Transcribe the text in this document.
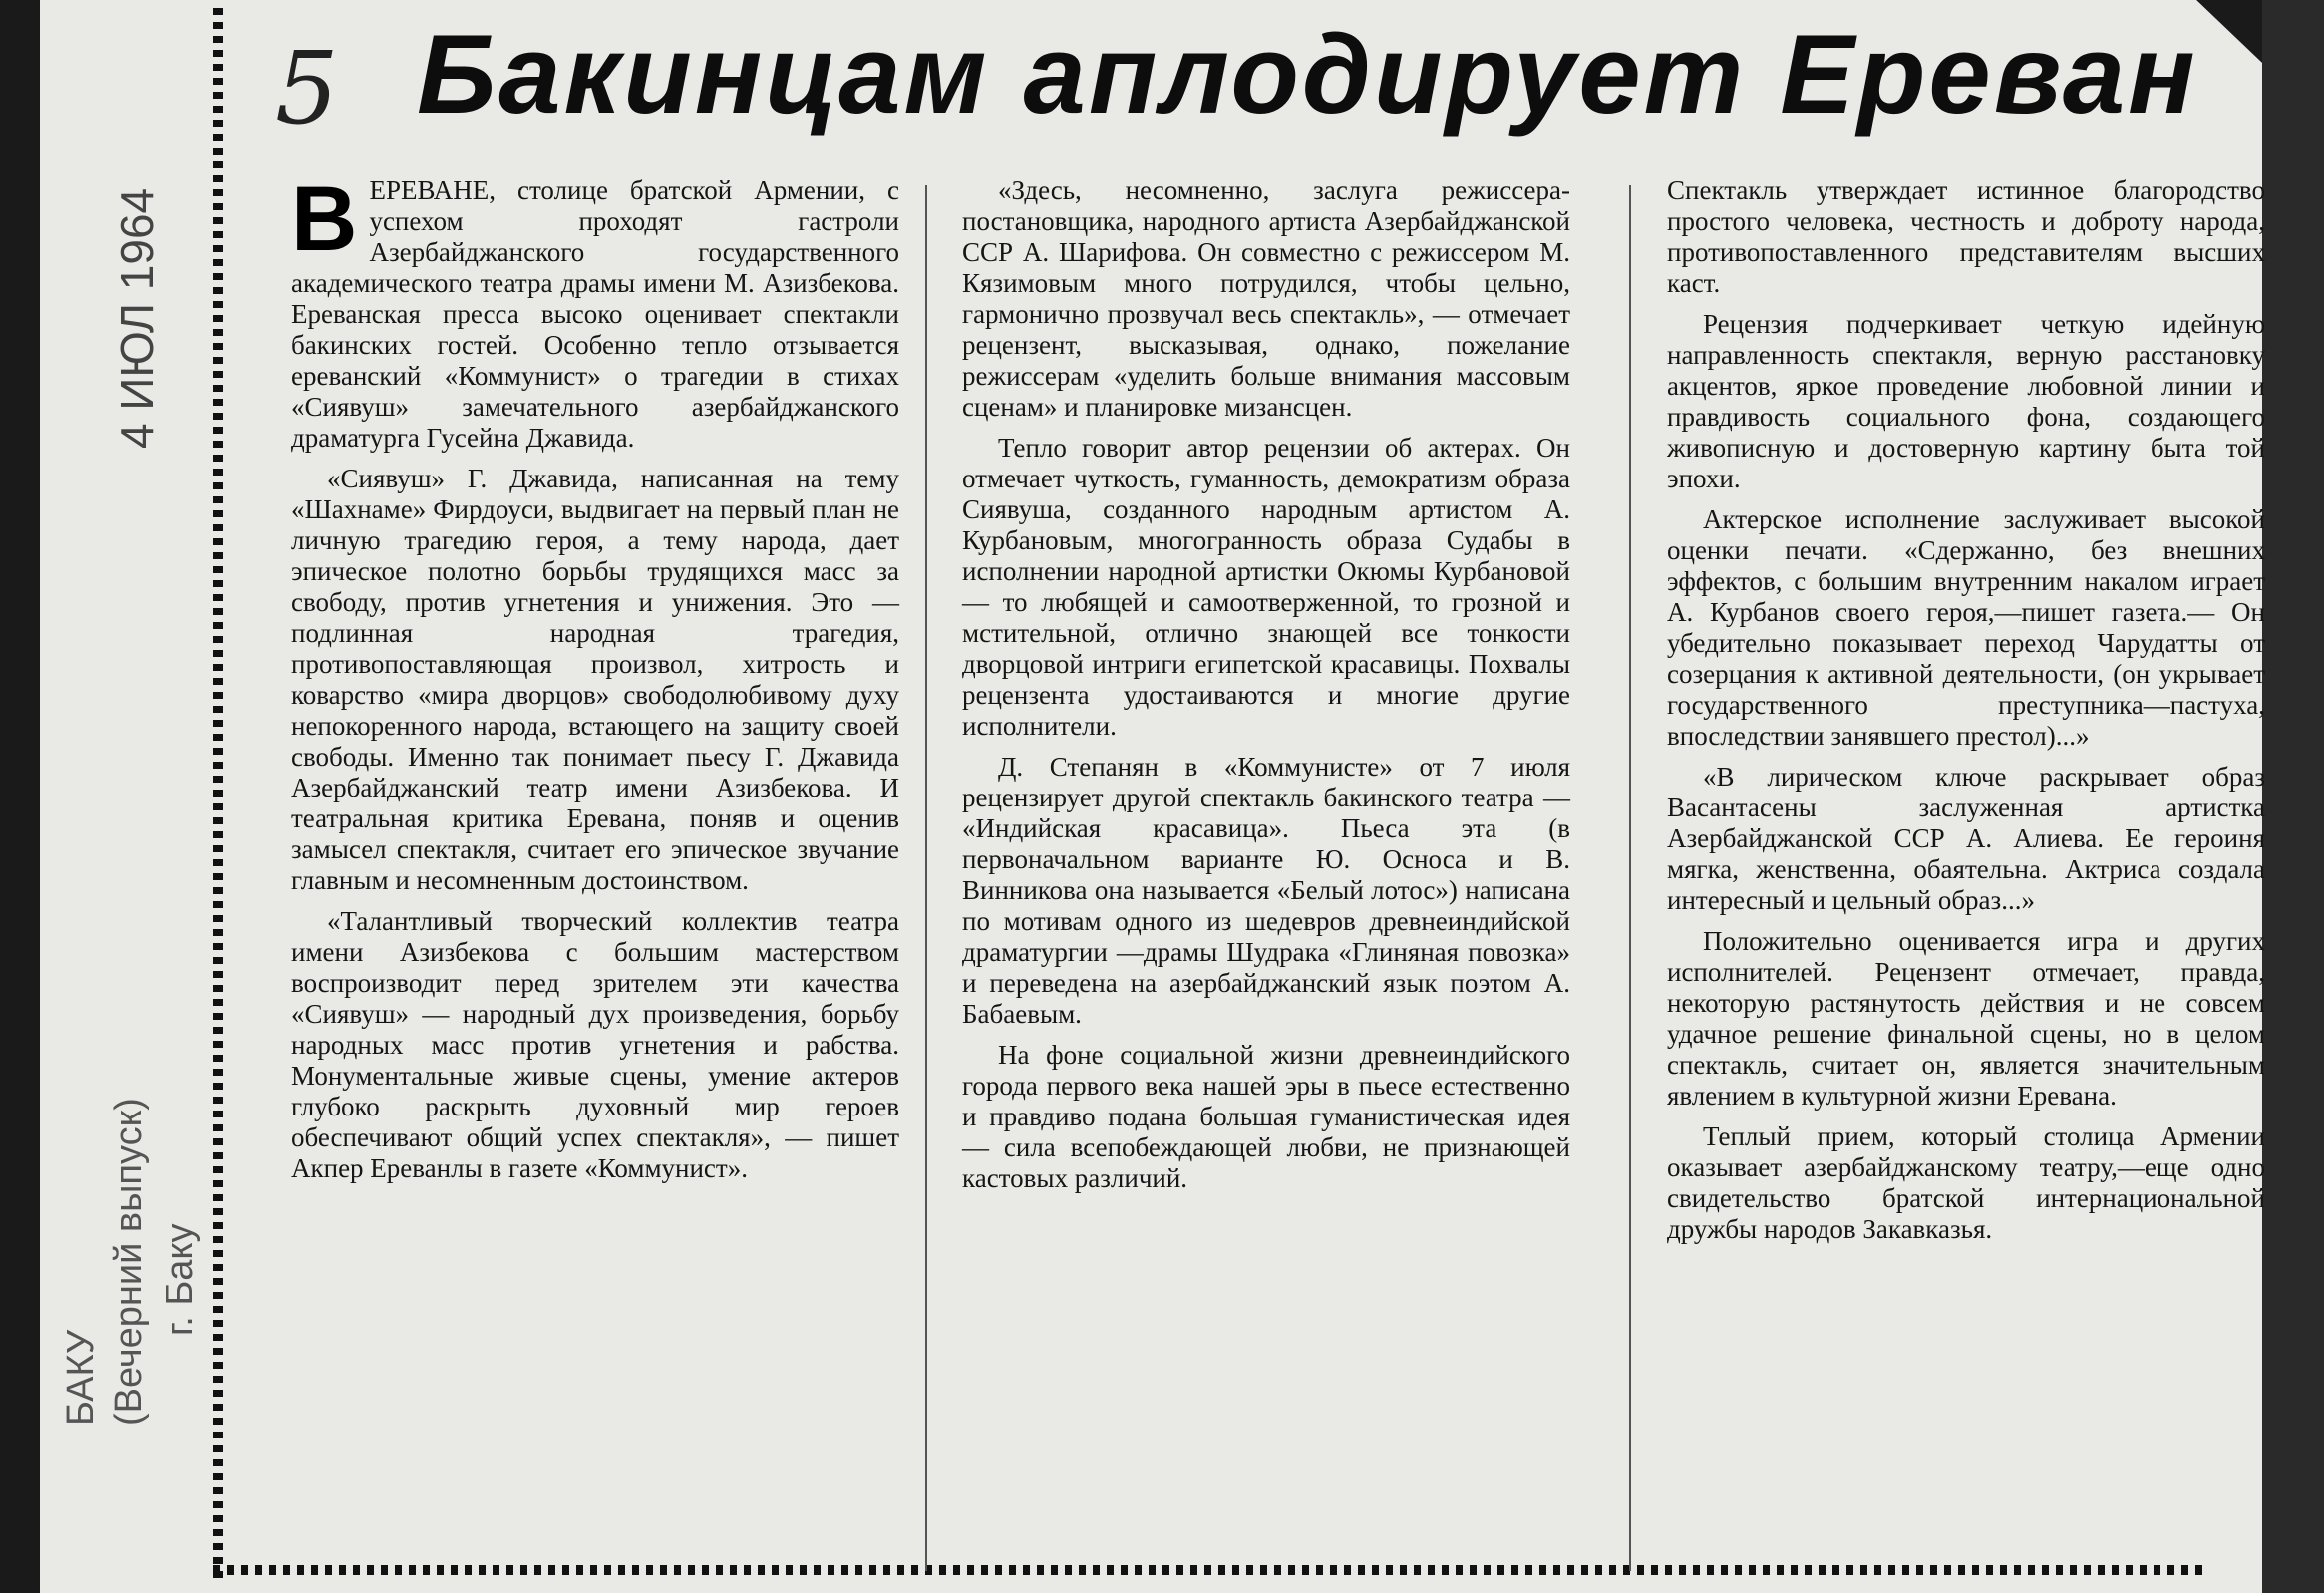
4 ИЮЛ 1964
БАКУ (Вечерний выпуск) г. Баку
5 Бакинцам аплодирует Ереван

ВЕРЕВАНЕ, столице братской Армении, с успехом проходят гастроли Азербайджанского государственного академического театра драмы имени М. Азизбекова. Ереванская пресса высоко оценивает спектакли бакинских гостей. Особенно тепло отзывается ереванский «Коммунист» о трагедии в стихах «Сиявуш» замечательного азербайджанского драматурга Гусейна Джавида.

«Сиявуш» Г. Джавида, написанная на тему «Шахнаме» Фирдоуси, выдвигает на первый план не личную трагедию героя, а тему народа, дает эпическое полотно борьбы трудящихся масс за свободу, против угнетения и унижения. Это — подлинная народная трагедия, противопоставляющая произвол, хитрость и коварство «мира дворцов» свободолюбивому духу непокоренного народа, встающего на защиту своей свободы. Именно так понимает пьесу Г. Джавида Азербайджанский театр имени Азизбекова. И театральная критика Еревана, поняв и оценив замысел спектакля, считает его эпическое звучание главным и несомненным достоинством.

«Талантливый творческий коллектив театра имени Азизбекова с большим мастерством воспроизводит перед зрителем эти качества «Сиявуш» — народный дух произведения, борьбу народных масс против угнетения и рабства. Монументальные живые сцены, умение актеров глубоко раскрыть духовный мир героев обеспечивают общий успех спектакля», — пишет Акпер Ереванлы в газете «Коммунист».

«Здесь, несомненно, заслуга режиссера-постановщика, народного артиста Азербайджанской ССР А. Шарифова. Он совместно с режиссером М. Кязимовым много потрудился, чтобы цельно, гармонично прозвучал весь спектакль», — отмечает рецензент, высказывая, однако, пожелание режиссерам «уделить больше внимания массовым сценам» и планировке мизансцен.

Тепло говорит автор рецензии об актерах. Он отмечает чуткость, гуманность, демократизм образа Сиявуша, созданного народным артистом А. Курбановым, многогранность образа Судабы в исполнении народной артистки Окюмы Курбановой — то любящей и самоотверженной, то грозной и мстительной, отлично знающей все тонкости дворцовой интриги египетской красавицы. Похвалы рецензента удостаиваются и многие другие исполнители.

Д. Степанян в «Коммунисте» от 7 июля рецензирует другой спектакль бакинского театра — «Индийская красавица». Пьеса эта (в первоначальном варианте Ю. Осноса и В. Винникова она называется «Белый лотос») написана по мотивам одного из шедевров древнеиндийской драматургии —драмы Шудрака «Глиняная повозка» и переведена на азербайджанский язык поэтом А. Бабаевым.

На фоне социальной жизни древнеиндийского города первого века нашей эры в пьесе естественно и правдиво подана большая гуманистическая идея — сила всепобеждающей любви, не признающей кастовых различий.

Спектакль утверждает истинное благородство простого человека, честность и доброту народа, противопоставленного представителям высших каст.

Рецензия подчеркивает четкую идейную направленность спектакля, верную расстановку акцентов, яркое проведение любовной линии и правдивость социального фона, создающего живописную и достоверную картину быта той эпохи.

Актерское исполнение заслуживает высокой оценки печати. «Сдержанно, без внешних эффектов, с большим внутренним накалом играет А. Курбанов своего героя,—пишет газета.— Он убедительно показывает переход Чарудатты от созерцания к активной деятельности, (он укрывает государственного преступника—пастуха, впоследствии занявшего престол)...»

«В лирическом ключе раскрывает образ Васантасены заслуженная артистка Азербайджанской ССР А. Алиева. Ее героиня мягка, женственна, обаятельна. Актриса создала интересный и цельный образ...»

Положительно оценивается игра и других исполнителей. Рецензент отмечает, правда, некоторую растянутость действия и не совсем удачное решение финальной сцены, но в целом спектакль, считает он, является значительным явлением в культурной жизни Еревана.

Теплый прием, который столица Армении оказывает азербайджанскому театру,—еще одно свидетельство братской интернациональной дружбы народов Закавказья.
